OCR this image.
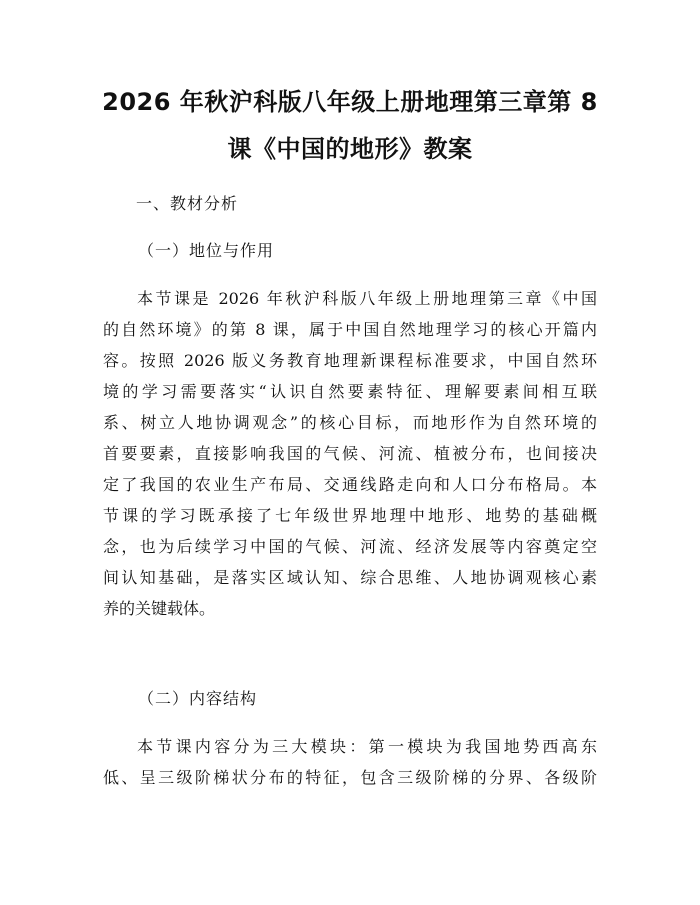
2026 年秋沪科版八年级上册地理第三章第 8
课《中国的地形》教案
一、教材分析
（一）地位与作用
本节课是 2026 年秋沪科版八年级上册地理第三章《中国
的自然环境》的第 8 课，属于中国自然地理学习的核心开篇内
容。按照 2026 版义务教育地理新课程标准要求，中国自然环
境的学习需要落实“认识自然要素特征、理解要素间相互联
系、树立人地协调观念”的核心目标，而地形作为自然环境的
首要要素，直接影响我国的气候、河流、植被分布，也间接决
定了我国的农业生产布局、交通线路走向和人口分布格局。本
节课的学习既承接了七年级世界地理中地形、地势的基础概
念，也为后续学习中国的气候、河流、经济发展等内容奠定空
间认知基础，是落实区域认知、综合思维、人地协调观核心素
养的关键载体。
（二）内容结构
本节课内容分为三大模块：第一模块为我国地势西高东
低、呈三级阶梯状分布的特征，包含三级阶梯的分界、各级阶
